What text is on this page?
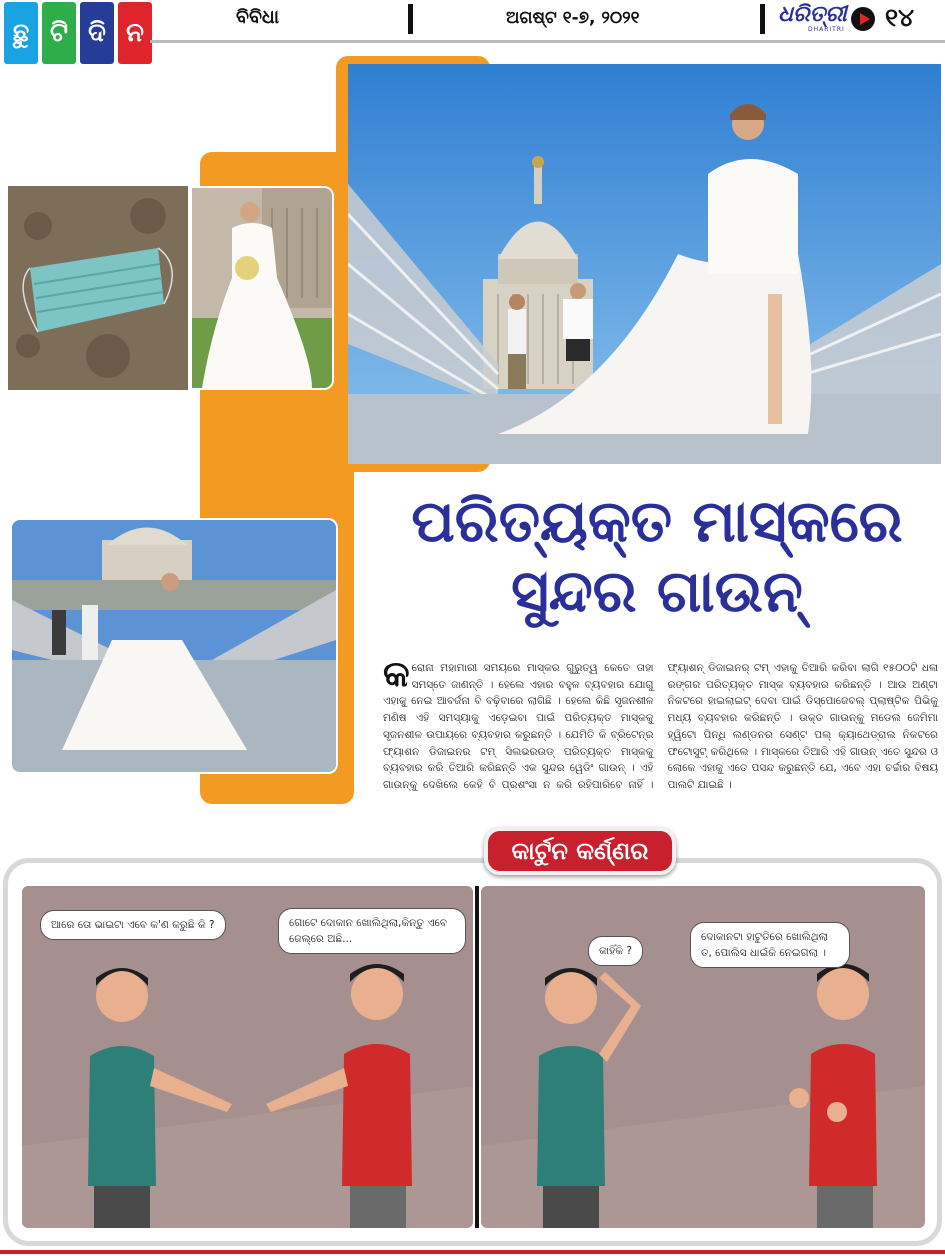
ଛୁ ଟି ଦି ନ
ବିବିଧା	ଅଗଷ୍ଟ ୧-୭, ୨୦୨୧	ଧରିତ୍ରୀ
DHARITRI ୧୪
ପରିତ୍ୟକ୍ତ ମାସ୍କରେ
ସୁନ୍ଦର ଗାଉନ୍
କରୋନା ମହାମାରୀ ସମୟରେ ମାସ୍କର ଗୁରୁତ୍ୱ କେତେ ତାହା ସମସ୍ତେ ଜାଣନ୍ତି । ହେଲେ ଏହାର ବହୁଳ ବ୍ୟବହାର ଯୋଗୁ ଏହାକୁ ନେଇ ଆବର୍ଜନା ବି ବଢ଼ିବାରେ ଲାଗିଛି । ହେଲେ କିଛି ସୃଜନଶୀଳ ମଣିଷ ଏହି ସମସ୍ୟାକୁ ଏଡ଼େଇବା ପାଇଁ ପରିତ୍ୟକ୍ତ ମାସ୍କକୁ ସୃଜନଶୀଳ ଉପାୟରେ ବ୍ୟବହାର କରୁଛନ୍ତି । ଯେମିତି କି ବ୍ରିଟେନ୍‌ର ଫ୍ୟାଶନ ଡିଜାଇନର ଟମ୍ ସିଲଭରଉଡ୍ ପରିତ୍ୟକ୍ତ ମାସ୍କକୁ ବ୍ୟବହାର କରି ତିଆରି କରିଛନ୍ତି ଏକ ସୁନ୍ଦର ୱେଡିଂ ଗାଉନ୍ । ଏହି ଗାଉନ୍‌କୁ ଦେଖିଲେ କେହି ବି ପ୍ରଶଂସା ନ କରି ରହିପାରିବେ ନାହିଁ । ଫ୍ୟାଶନ୍ ଡିଜାଇନର୍ ଟମ୍ ଏହାକୁ ତିଆରି କରିବା ଲାଗି ୧୫୦୦ଟି ଧଳା ରଙ୍ଗର ପରିତ୍ୟକ୍ତ ମାସ୍କ ବ୍ୟବହାର କରିଛନ୍ତି । ଆଉ ଅଣ୍ଟା ନିକଟରେ ହାଇଲାଇଟ୍ ଦେବା ପାଇଁ ଡିସ୍‌ପୋଜେବଲ୍ ପ୍ଲାଷ୍ଟିକ ପିଭିକୁ ମଧ୍ୟ ବ୍ୟବହାର କରିଛନ୍ତି । ଉକ୍ତ ଗାଉନ୍‌କୁ ମଡେଲ ଜେମିମା ହ୍ୱିଟୋ ପିନ୍ଧି ଲଣ୍ଡନର ସେଣ୍ଟ ପଲ୍ କ୍ୟାଥେଡ୍ରାଲ ନିକଟରେ ଫଟୋସୁଟ୍ କରିଥିଲେ । ମାସ୍କରେ ତିଆରି ଏହି ଗାଉନ୍ ଏତେ ସୁନ୍ଦର ଓ ଲୋକେ ଏହାକୁ ଏତେ ପସନ୍ଦ କରୁଛନ୍ତି ଯେ, ଏବେ ଏହା ଚର୍ଚ୍ଚାର ବିଷୟ ପାଲଟି ଯାଇଛି ।
କାର୍ଟୁନ କର୍ଣ୍ଣର
ଆରେ ତୋ ଭାଇଟା ଏବେ କ'ଣ କରୁଛି କି ?	ଗୋଟେ ଦୋକାନ ଖୋଲିଥିଲା,କିନ୍ତୁ ଏବେ ଜେଲ୍‌ରେ ଅଛି...
କାହିଁକି ?
ଦୋକାନଟା ହାଟୁତିରେ ଖୋଲିଥିଲା ତ, ପୋଲିସ ଧାଇଁକି ନେଇଗଲା ।
